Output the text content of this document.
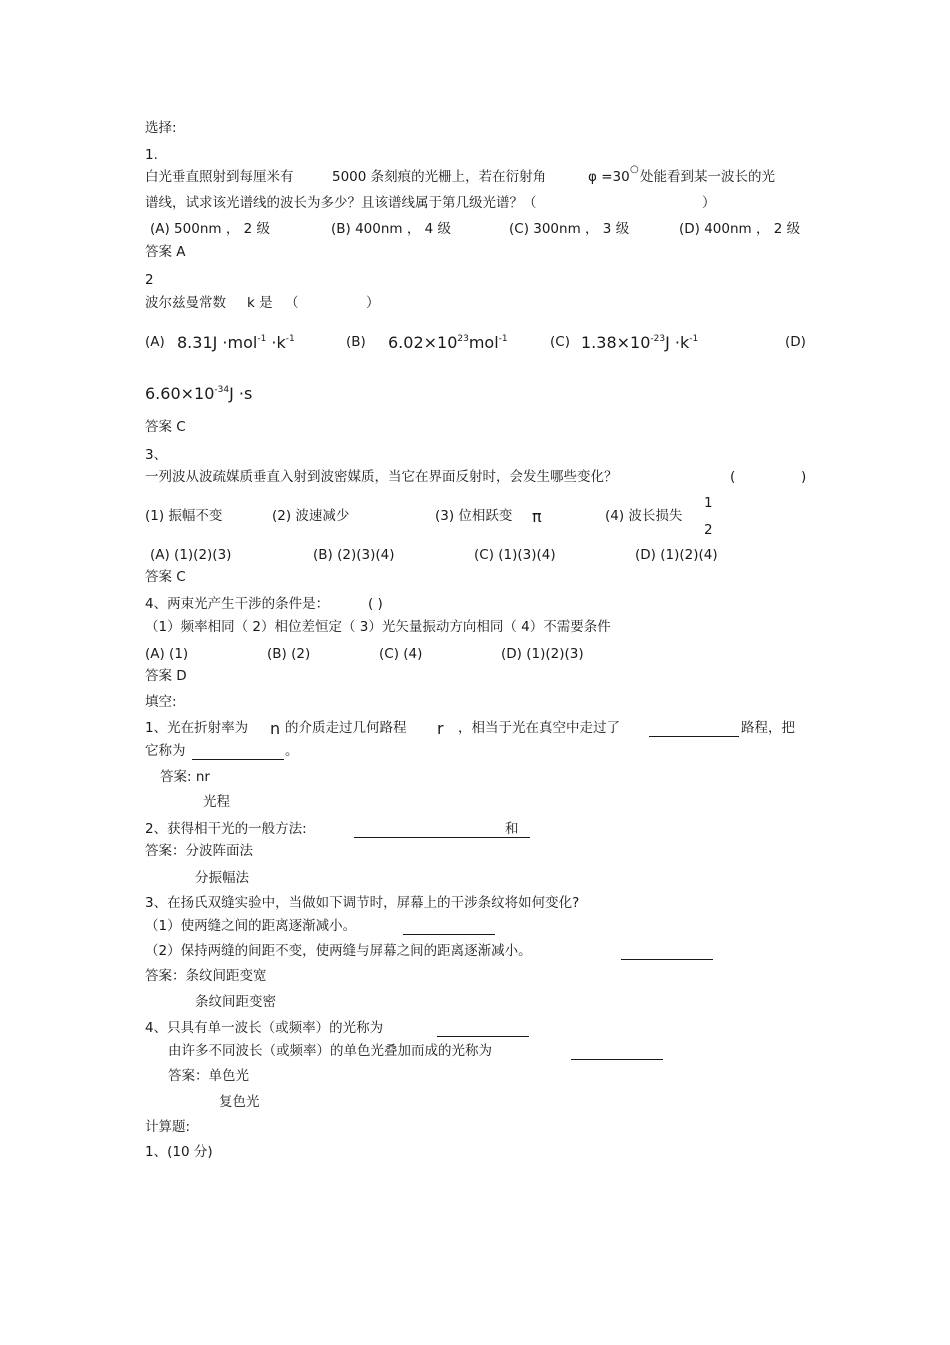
选择:
1.
白光垂直照射到每厘米有	5000 条刻痕的光栅上，若在衍射角	φ =30 ○ 处能看到某一波长的光
谱线，试求该光谱线的波长为多少？且该谱线属于第几级光谱？（	）
(A) 500nm ， 2 级	(B) 400nm ， 4 级	(C) 300nm ， 3 级	(D) 400nm ， 2 级
答案 A
2
波尔兹曼常数 k 是 （	）
(A) $8.31J \cdot mol^{-1} \cdot k^{-1}$	(B) $6.02\times 10^{23}mol^{-1}$	(C) $1.38\times 10^{-23}J \cdot k^{-1}$	(D)
$6.60\times 10^{-34}J \cdot s$
答案 C
3、
一列波从波疏媒质垂直入射到波密媒质，当它在界面反射时，会发生哪些变化？	(	)
(1) 振幅不变	(2) 波速减少	(3) 位相跃变 π	(4) 波长损失
1
2
(A) (1)(2)(3)	(B) (2)(3)(4)	(C) (1)(3)(4)	(D) (1)(2)(4)
答案 C
4、两束光产生干涉的条件是：	( )
（1）频率相同（ 2）相位差恒定（ 3）光矢量振动方向相同（ 4）不需要条件
(A) (1)	(B) (2)	(C) (4)	(D) (1)(2)(3)
答案 D
填空:
1、光在折射率为 n 的介质走过几何路程 r ，相当于光在真空中走过了	路程，把
它称为	。
答案: nr
光程
2、获得相干光的一般方法:	和
答案：分波阵面法
分振幅法
3、在扬氏双缝实验中，当做如下调节时，屏幕上的干涉条纹将如何变化?
（1）使两缝之间的距离逐渐减小。
（2）保持两缝的间距不变，使两缝与屏幕之间的距离逐渐减小。
答案：条纹间距变宽
条纹间距变密
4、只具有单一波长（或频率）的光称为
由许多不同波长（或频率）的单色光叠加而成的光称为
答案：单色光
复色光
计算题:
1、(10 分)
